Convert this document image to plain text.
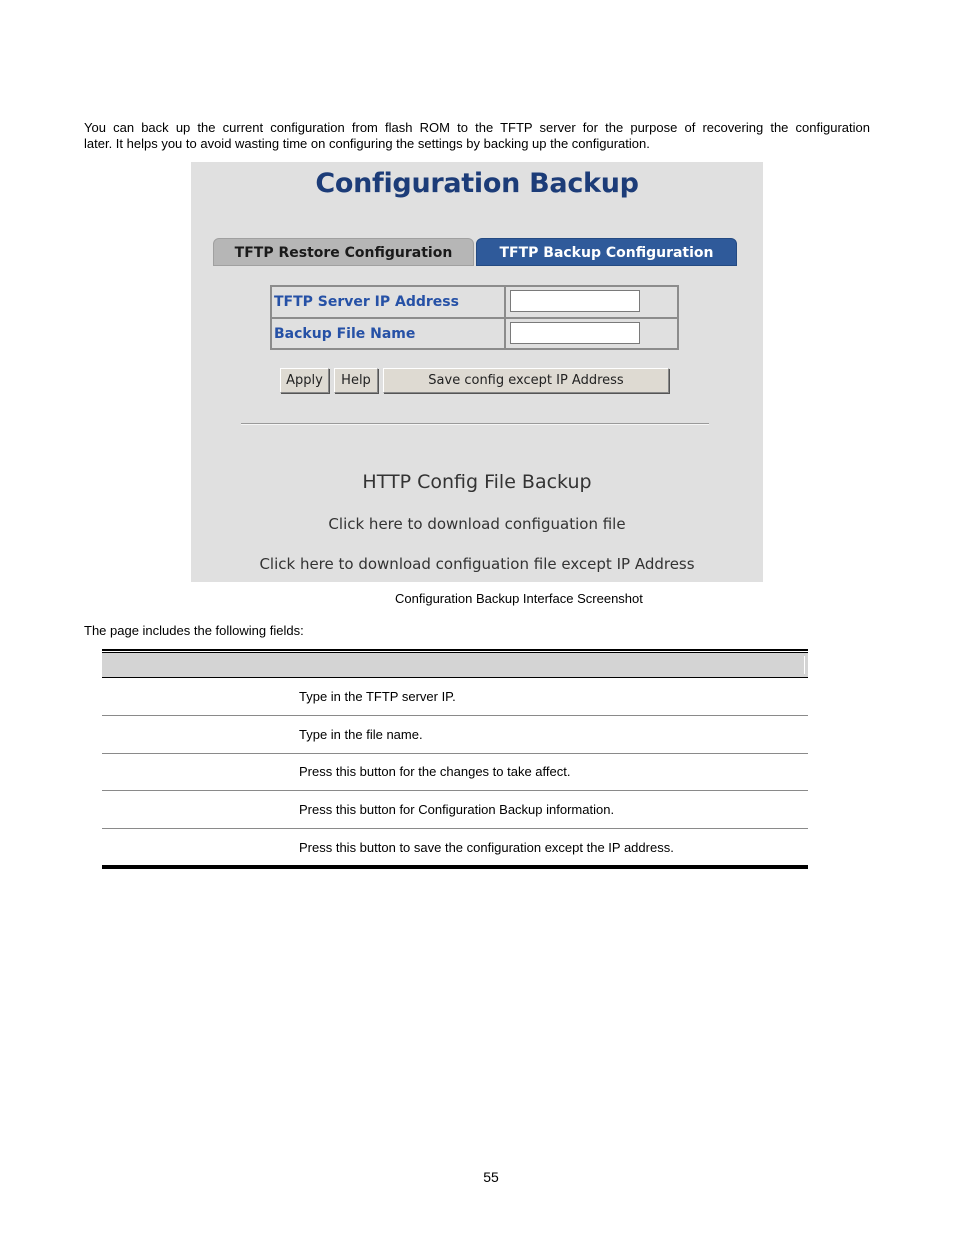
You can back up the current configuration from flash ROM to the TFTP server for the purpose of recovering the configuration
later. It helps you to avoid wasting time on configuring the settings by backing up the configuration.
Configuration Backup
TFTP Restore Configuration	TFTP Backup Configuration
TFTP Server IP Address
Backup File Name
Apply	Help	Save config except IP Address
HTTP Config File Backup
Click here to download configuation file
Click here to download configuation file except IP Address
Configuration Backup Interface Screenshot
The page includes the following fields:
Type in the TFTP server IP.
Type in the file name.
Press this button for the changes to take affect.
Press this button for Configuration Backup information.
Press this button to save the configuration except the IP address.
55
